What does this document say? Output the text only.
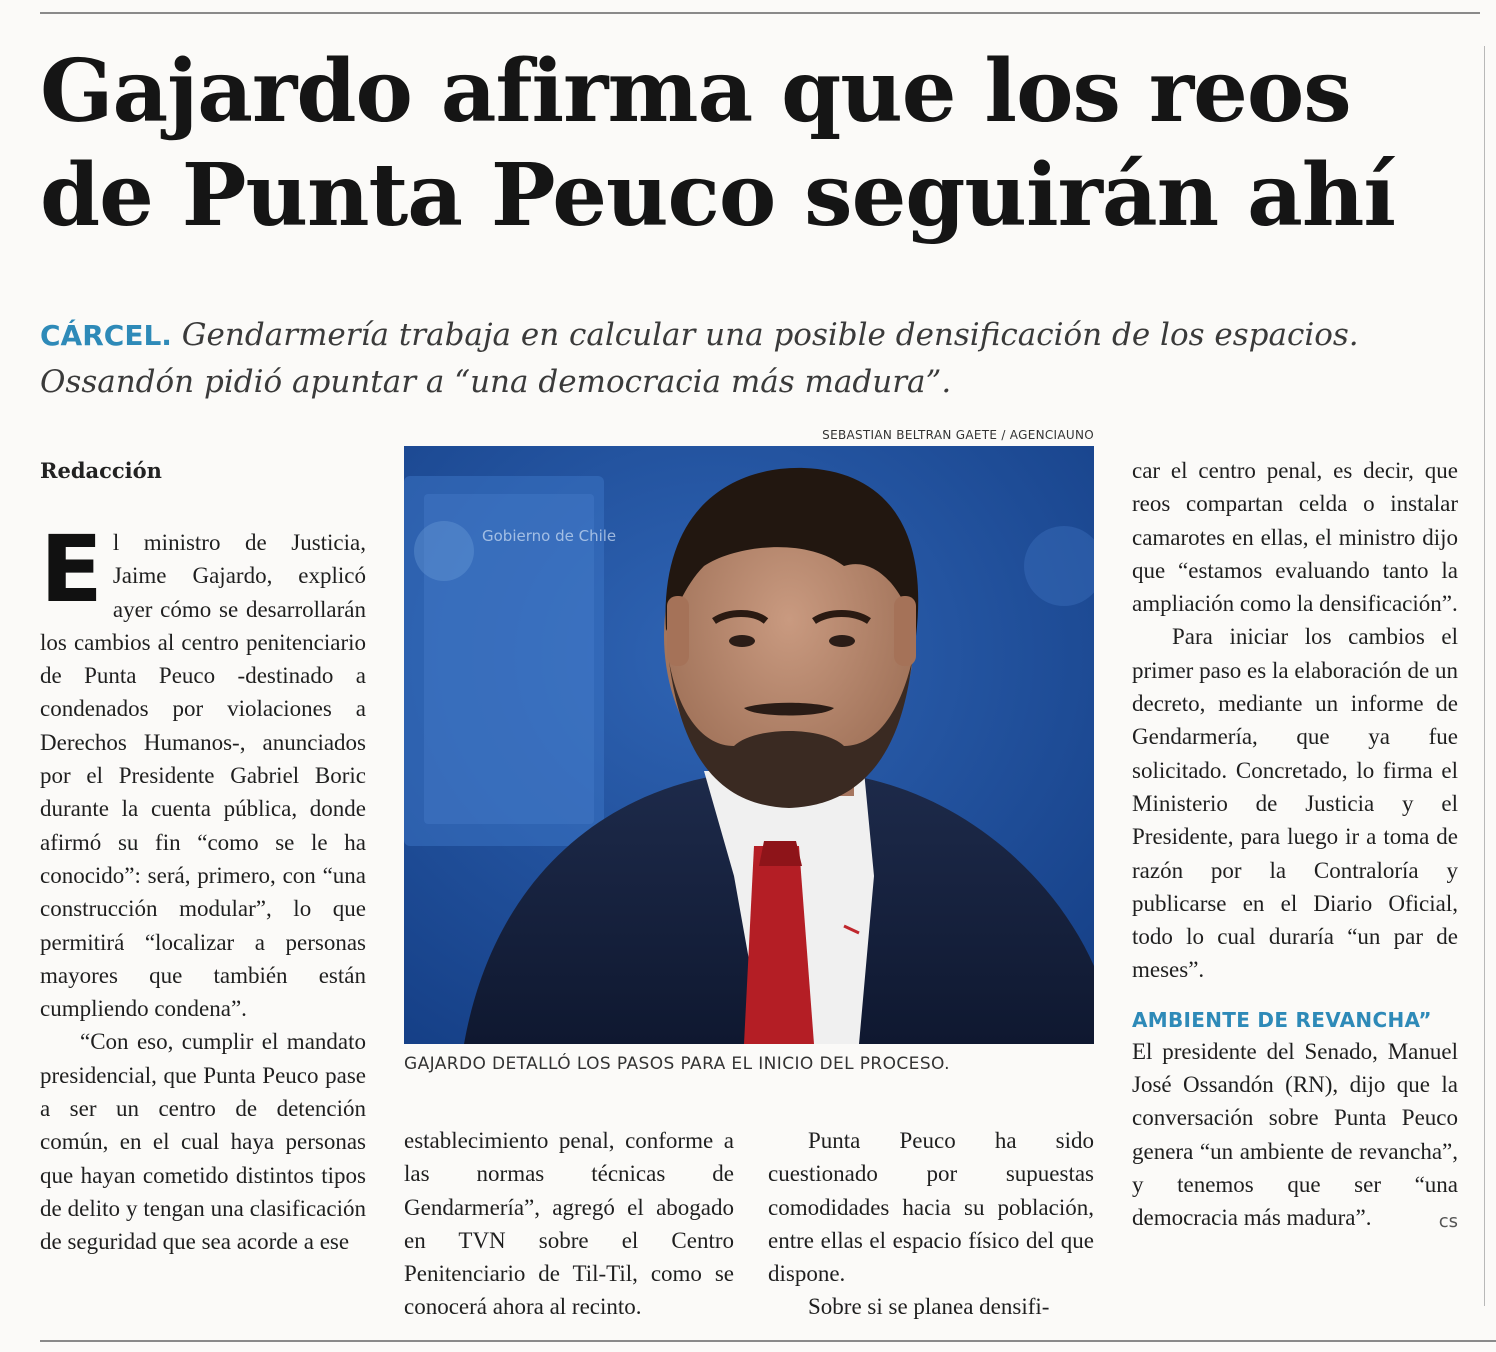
Gajardo afirma que los reos
de Punta Peuco seguirán ahí
CÁRCEL. Gendarmería trabaja en calcular una posible densificación de los espacios. Ossandón pidió apuntar a “una democracia más madura”.
Redacción

El ministro de Justicia, Jaime Gajardo, explicó ayer cómo se desarrollarán los cambios al centro penitenciario de Punta Peuco -destinado a condenados por violaciones a Derechos Humanos-, anunciados por el Presidente Gabriel Boric durante la cuenta pública, donde afirmó su fin “como se le ha conocido”: será, primero, con “una construcción modular”, lo que permitirá “localizar a personas mayores que también están cumpliendo condena”.

“Con eso, cumplir el mandato presidencial, que Punta Peuco pase a ser un centro de detención común, en el cual haya personas que hayan cometido distintos tipos de delito y tengan una clasificación de seguridad que sea acorde a ese

SEBASTIAN BELTRAN GAETE / AGENCIAUNO
Gobierno de Chile
GAJARDO DETALLÓ LOS PASOS PARA EL INICIO DEL PROCESO.

establecimiento penal, conforme a las normas técnicas de Gendarmería”, agregó el abogado en TVN sobre el Centro Penitenciario de Til-Til, como se conocerá ahora al recinto.

Punta Peuco ha sido cuestionado por supuestas comodidades hacia su población, entre ellas el espacio físico del que dispone.

Sobre si se planea densifi-

car el centro penal, es decir, que reos compartan celda o instalar camarotes en ellas, el ministro dijo que “estamos evaluando tanto la ampliación como la densificación”.

Para iniciar los cambios el primer paso es la elaboración de un decreto, mediante un informe de Gendarmería, que ya fue solicitado. Concretado, lo firma el Ministerio de Justicia y el Presidente, para luego ir a toma de razón por la Contraloría y publicarse en el Diario Oficial, todo lo cual duraría “un par de meses”.

AMBIENTE DE REVANCHA”

El presidente del Senado, Manuel José Ossandón (RN), dijo que la conversación sobre Punta Peuco genera “un ambiente de revancha”, y tenemos que ser “una democracia más madura”.	cs
